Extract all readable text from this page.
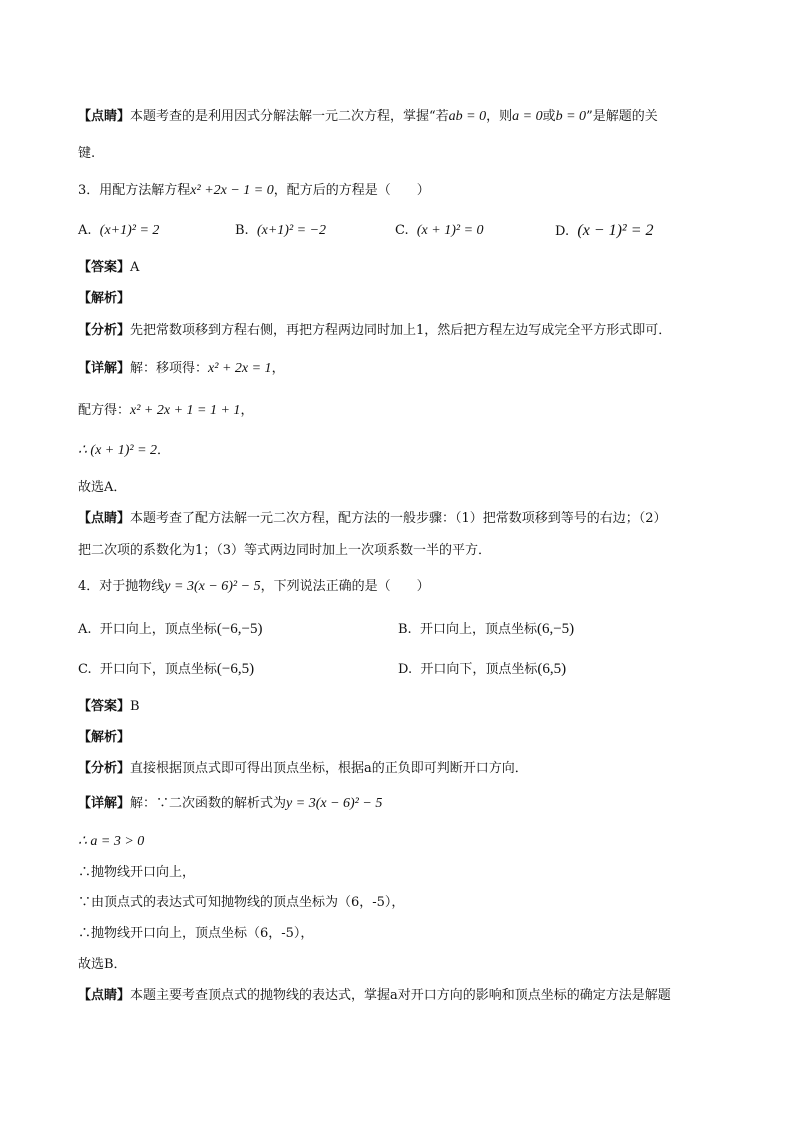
【点睛】本题考查的是利用因式分解法解一元二次方程，掌握“若ab = 0，则a = 0或b = 0”是解题的关
键.
3．用配方法解方程x² +2x − 1 = 0，配方后的方程是（　　）
A. (x+1)² = 2	B. (x+1)² = −2	C. (x + 1)² = 0	D. (x − 1)² = 2
【答案】A
【解析】
【分析】先把常数项移到方程右侧，再把方程两边同时加上1，然后把方程左边写成完全平方形式即可．
【详解】解：移项得：x² + 2x = 1，
配方得：x² + 2x + 1 = 1 + 1，
∴ (x + 1)² = 2．
故选A．
【点睛】本题考查了配方法解一元二次方程，配方法的一般步骤：（1）把常数项移到等号的右边；（2）
把二次项的系数化为1；（3）等式两边同时加上一次项系数一半的平方．
4．对于抛物线y = 3(x − 6)² − 5，下列说法正确的是（　　）
A. 开口向上，顶点坐标(−6,−5)	B. 开口向上，顶点坐标(6,−5)
C. 开口向下，顶点坐标(−6,5)	D. 开口向下，顶点坐标(6,5)
【答案】B
【解析】
【分析】直接根据顶点式即可得出顶点坐标，根据a的正负即可判断开口方向．
【详解】解：∵二次函数的解析式为y = 3(x − 6)² − 5
∴ a = 3 > 0
∴抛物线开口向上，
∵由顶点式的表达式可知抛物线的顶点坐标为（6，-5），
∴抛物线开口向上，顶点坐标（6，-5），
故选B．
【点睛】本题主要考查顶点式的抛物线的表达式，掌握a对开口方向的影响和顶点坐标的确定方法是解题
